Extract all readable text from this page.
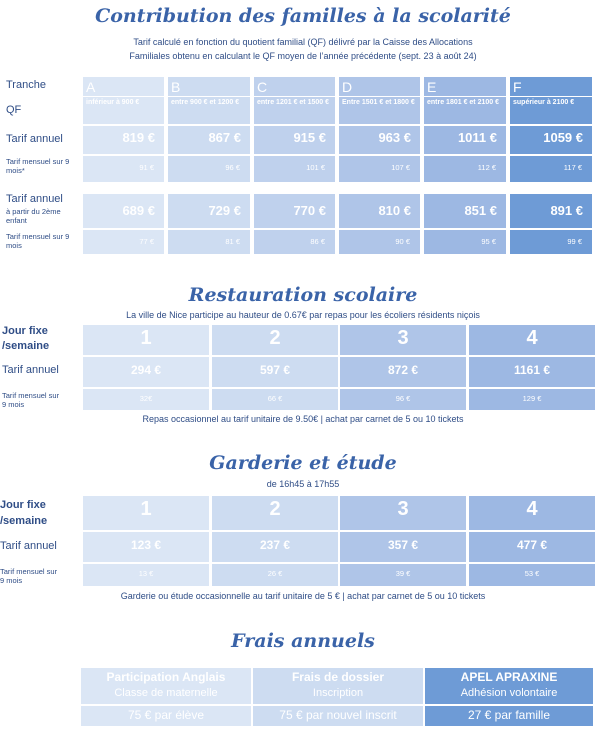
Contribution des familles à la scolarité
Tarif calculé en fonction du quotient familial (QF) délivré par la Caisse des Allocations
Familiales obtenu en calculant le QF moyen de l’année précédente (sept. 23 à août 24)
Tranche
QF
Tarif annuel
Tarif mensuel sur 9 mois*
Tarif annuel
à partir du 2ème enfant
Tarif mensuel sur 9 mois
A
inférieur à 900 €
819 €
91 €
689 €
77 €
B
entre 900 € et 1200 €
867 €
96 €
729 €
81 €
C
entre 1201 € et 1500 €
915 €
101 €
770 €
86 €
D
Entre 1501 € et 1800 €
963 €
107 €
810 €
90 €
E
entre 1801 € et 2100 €
1011 €
112 €
851 €
95 €
F
supérieur à 2100 €
1059 €
117 €
891 €
99 €
Restauration scolaire
La ville de Nice participe au hauteur de 0.67€ par repas pour les écoliers résidents niçois
Jour fixe /semaine
Tarif annuel
Tarif mensuel sur 9 mois
1
294 €
32€
2
597 €
66 €
3
872 €
96 €
4
1161 €
129 €
Repas occasionnel au tarif unitaire de 9.50€ | achat par carnet de 5 ou 10 tickets
Garderie et étude
de 16h45 à 17h55
Jour fixe /semaine
Tarif annuel
Tarif mensuel sur 9 mois
1
123 €
13 €
2
237 €
26 €
3
357 €
39 €
4
477 €
53 €
Garderie ou étude occasionnelle au tarif unitaire de 5 € | achat par carnet de 5 ou 10 tickets
Frais annuels
Participation Anglais
Classe de maternelle
75 € par élève
Frais de dossier
Inscription
75 € par nouvel inscrit
APEL APRAXINE
Adhésion volontaire
27 € par famille
